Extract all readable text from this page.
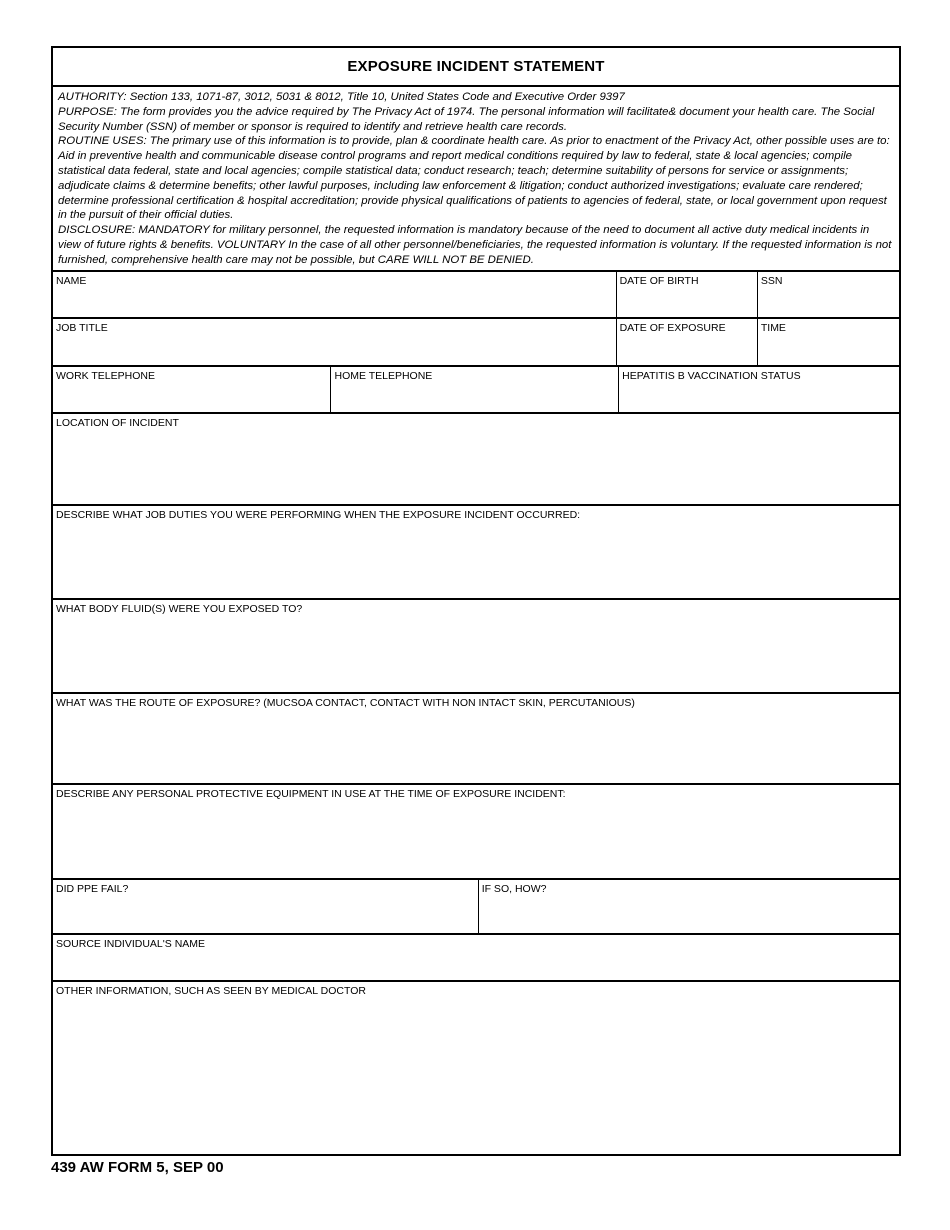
EXPOSURE INCIDENT STATEMENT

AUTHORITY: Section 133, 1071-87, 3012, 5031 & 8012, Title 10, United States Code and Executive Order 9397

PURPOSE: The form provides you the advice required by The Privacy Act of 1974. The personal information will facilitate& document your health care. The Social Security Number (SSN) of member or sponsor is required to identify and retrieve health care records.

ROUTINE USES: The primary use of this information is to provide, plan & coordinate health care. As prior to enactment of the Privacy Act, other possible uses are to: Aid in preventive health and communicable disease control programs and report medical conditions required by law to federal, state & local agencies; compile statistical data federal, state and local agencies; compile statistical data; conduct research; teach; determine suitability of persons for service or assignments; adjudicate claims & determine benefits; other lawful purposes, including law enforcement & litigation; conduct authorized investigations; evaluate care rendered; determine professional certification & hospital accreditation; provide physical qualifications of patients to agencies of federal, state, or local government upon request in the pursuit of their official duties.

DISCLOSURE: MANDATORY for military personnel, the requested information is mandatory because of the need to document all active duty medical incidents in view of future rights & benefits. VOLUNTARY In the case of all other personnel/beneficiaries, the requested information is voluntary. If the requested information is not furnished, comprehensive health care may not be possible, but CARE WILL NOT BE DENIED.

NAME	DATE OF BIRTH	SSN
JOB TITLE	DATE OF EXPOSURE	TIME
WORK TELEPHONE	HOME TELEPHONE	HEPATITIS B VACCINATION STATUS
LOCATION OF INCIDENT
DESCRIBE WHAT JOB DUTIES YOU WERE PERFORMING WHEN THE EXPOSURE INCIDENT OCCURRED:
WHAT BODY FLUID(S) WERE YOU EXPOSED TO?
WHAT WAS THE ROUTE OF EXPOSURE? (MUCSOA CONTACT, CONTACT WITH NON INTACT SKIN, PERCUTANIOUS)
DESCRIBE ANY PERSONAL PROTECTIVE EQUIPMENT IN USE AT THE TIME OF EXPOSURE INCIDENT:
DID PPE FAIL?	IF SO, HOW?
SOURCE INDIVIDUAL'S NAME
OTHER INFORMATION, SUCH AS SEEN BY MEDICAL DOCTOR
439 AW FORM 5, SEP 00
